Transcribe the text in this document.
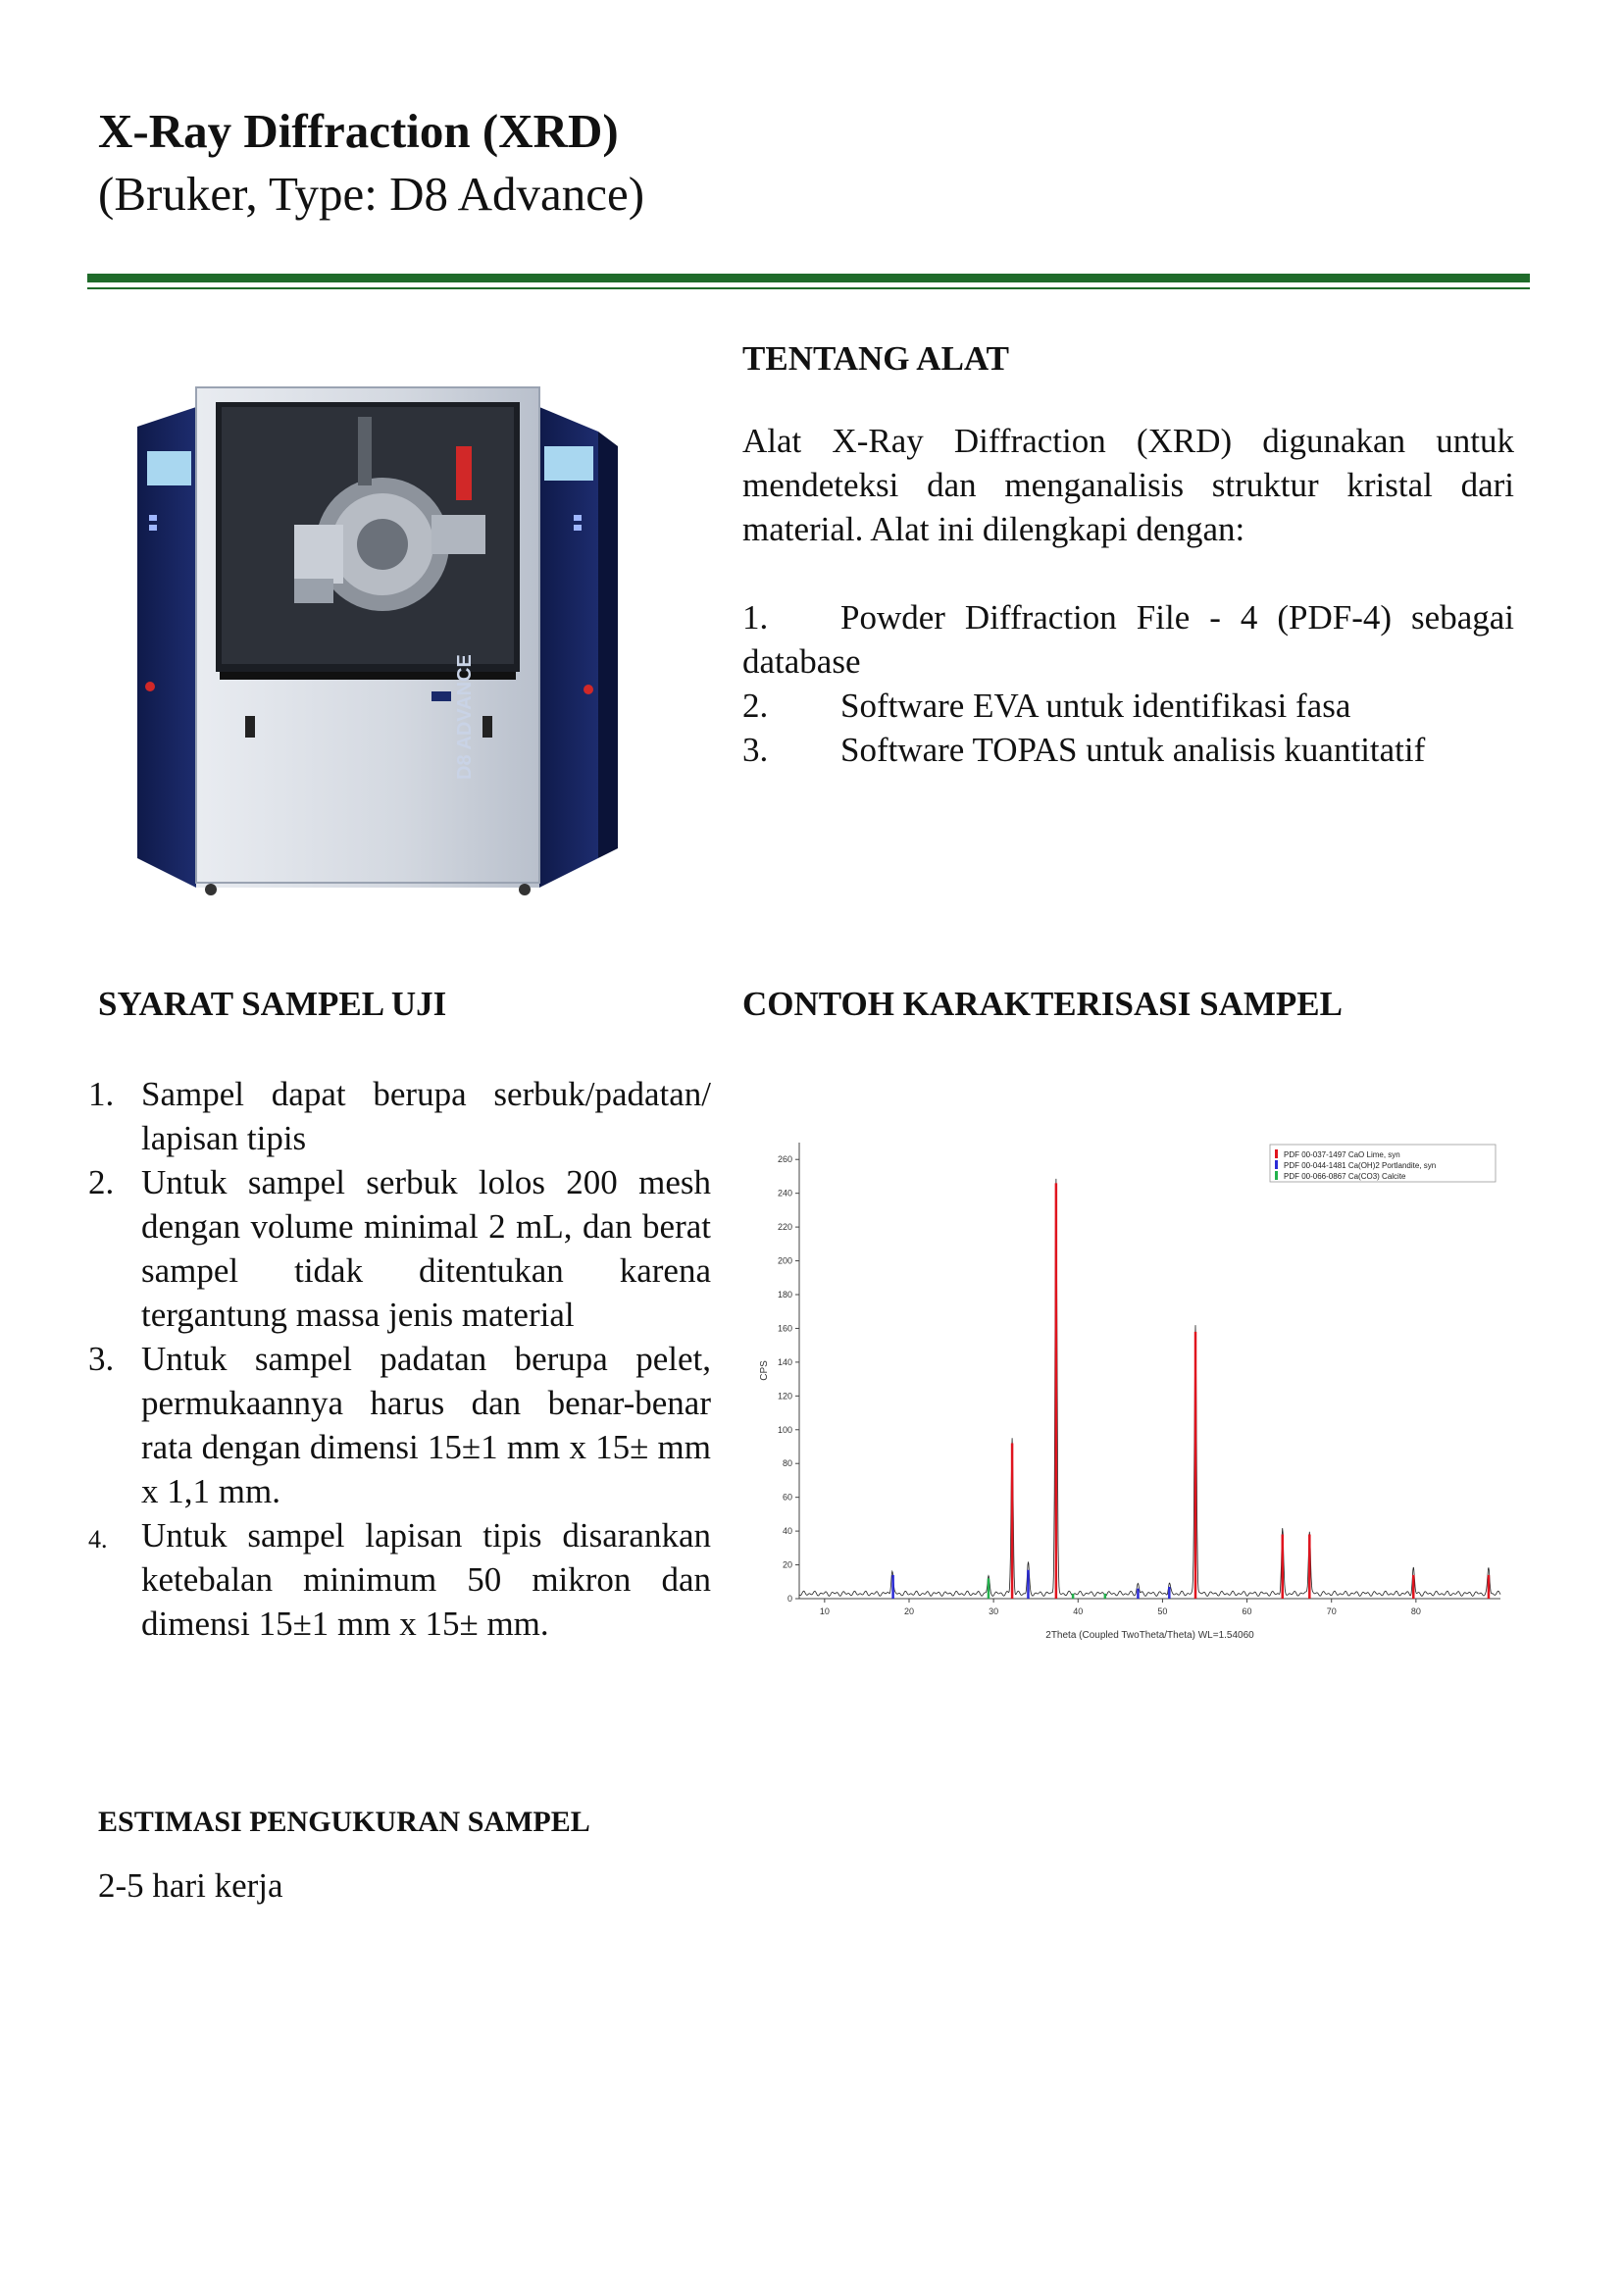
X-Ray Diffraction (XRD)
(Bruker, Type: D8 Advance)
D8 ADVANCE
TENTANG ALAT

Alat X-Ray Diffraction (XRD) digunakan untuk mendeteksi dan menganalisis struktur kristal dari material. Alat ini dilengkapi dengan:

1. Powder Diffraction File - 4 (PDF-4) sebagai database
2. Software EVA untuk identifikasi fasa
3. Software TOPAS untuk analisis kuantitatif
SYARAT SAMPEL UJI
1. Sampel dapat berupa serbuk/padatan/ lapisan tipis
2. Untuk sampel serbuk lolos 200 mesh dengan volume minimal 2 mL, dan berat sampel tidak ditentukan karena tergantung massa jenis material
3. Untuk sampel padatan berupa pelet, permukaannya harus dan benar-benar rata dengan dimensi 15±1 mm x 15± mm x 1,1 mm.
4. Untuk sampel lapisan tipis disarankan ketebalan minimum 50 mikron dan dimensi 15±1 mm x 15± mm.
CONTOH KARAKTERISASI SAMPEL
0
20
40
60
80
100
120
140
160
180
200
220
240
260
10	20	30	40	50	60	70	80
CPS
2Theta (Coupled TwoTheta/Theta) WL=1.54060
PDF 00-037-1497 CaO Lime, syn
PDF 00-044-1481 Ca(OH)2 Portlandite, syn
PDF 00-066-0867 Ca(CO3) Calcite
ESTIMASI PENGUKURAN SAMPEL

2-5 hari kerja
